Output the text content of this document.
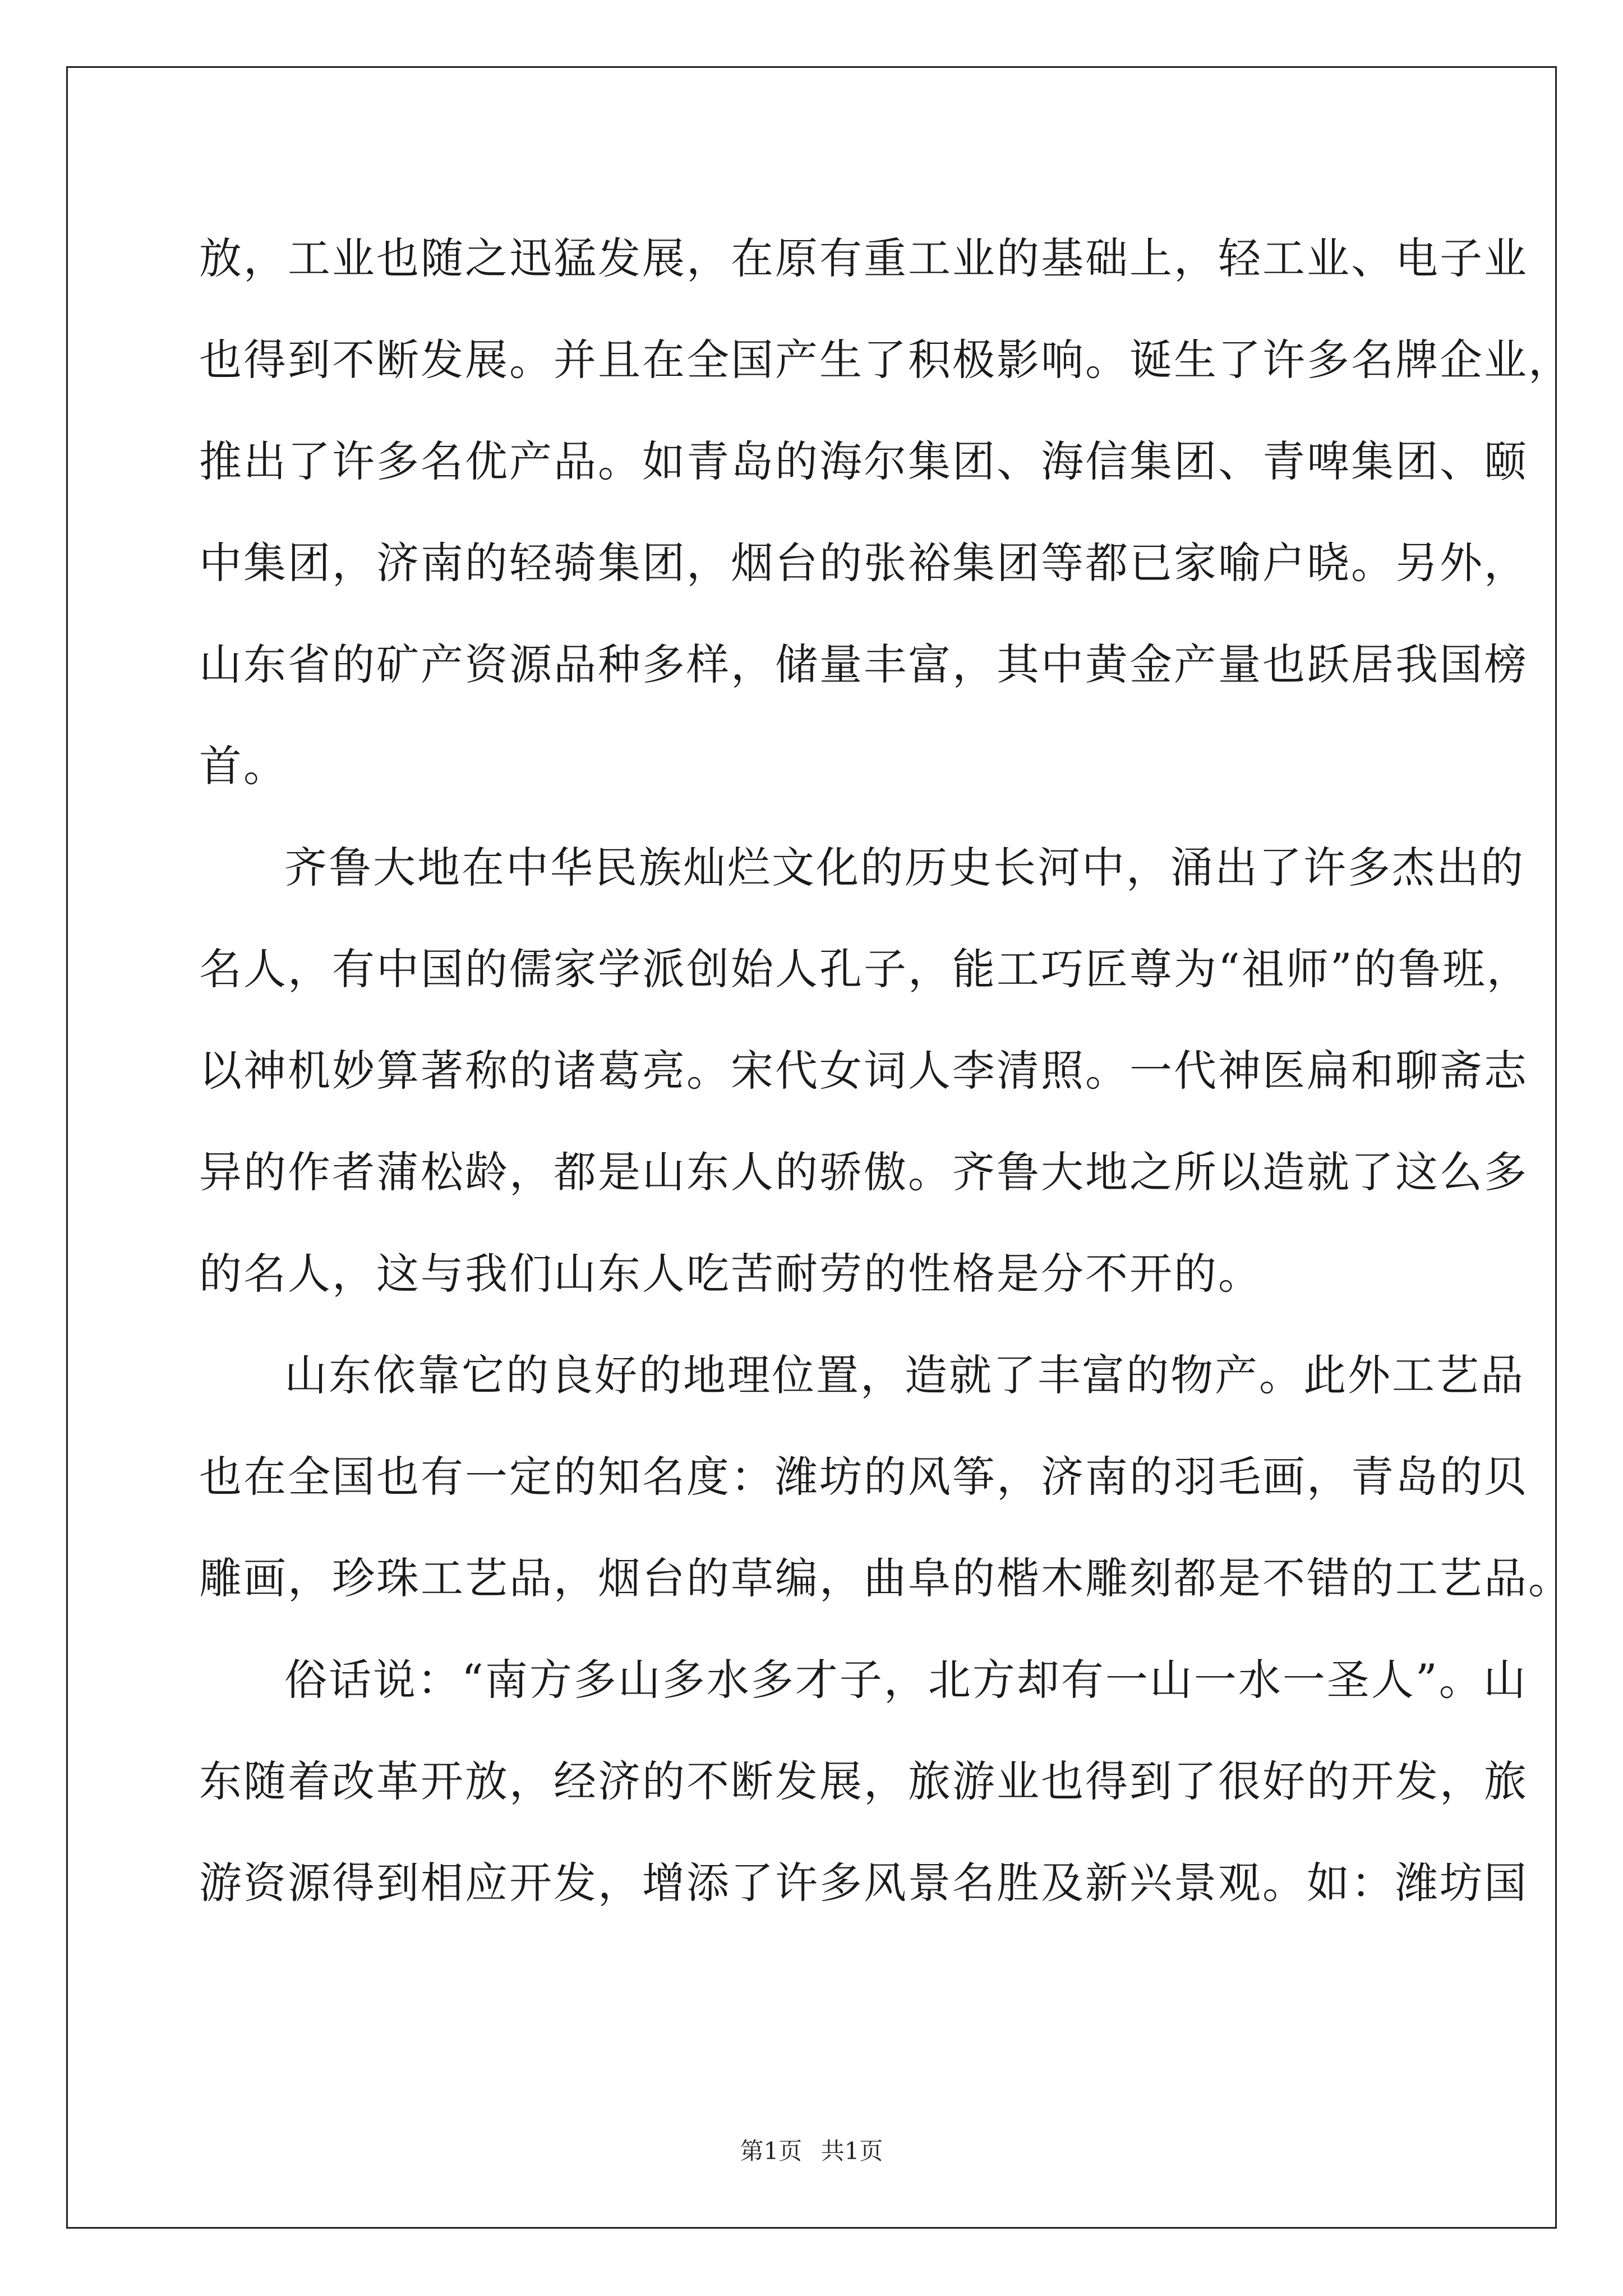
放，工业也随之迅猛发展，在原有重工业的基础上，轻工业、电子业
也得到不断发展。并且在全国产生了积极影响。诞生了许多名牌企业，
推出了许多名优产品。如青岛的海尔集团、海信集团、青啤集团、颐
中集团，济南的轻骑集团，烟台的张裕集团等都已家喻户晓。另外，
山东省的矿产资源品种多样，储量丰富，其中黄金产量也跃居我国榜
首。
齐鲁大地在中华民族灿烂文化的历史长河中，涌出了许多杰出的
名人，有中国的儒家学派创始人孔子，能工巧匠尊为“祖师”的鲁班，
以神机妙算著称的诸葛亮。宋代女词人李清照。一代神医扁和聊斋志
异的作者蒲松龄，都是山东人的骄傲。齐鲁大地之所以造就了这么多
的名人，这与我们山东人吃苦耐劳的性格是分不开的。
山东依靠它的良好的地理位置，造就了丰富的物产。此外工艺品
也在全国也有一定的知名度：潍坊的风筝，济南的羽毛画，青岛的贝
雕画，珍珠工艺品，烟台的草编，曲阜的楷木雕刻都是不错的工艺品。
俗话说：“南方多山多水多才子，北方却有一山一水一圣人”。山
东随着改革开放，经济的不断发展，旅游业也得到了很好的开发，旅
游资源得到相应开发，增添了许多风景名胜及新兴景观。如：潍坊国
第1页 共1页
